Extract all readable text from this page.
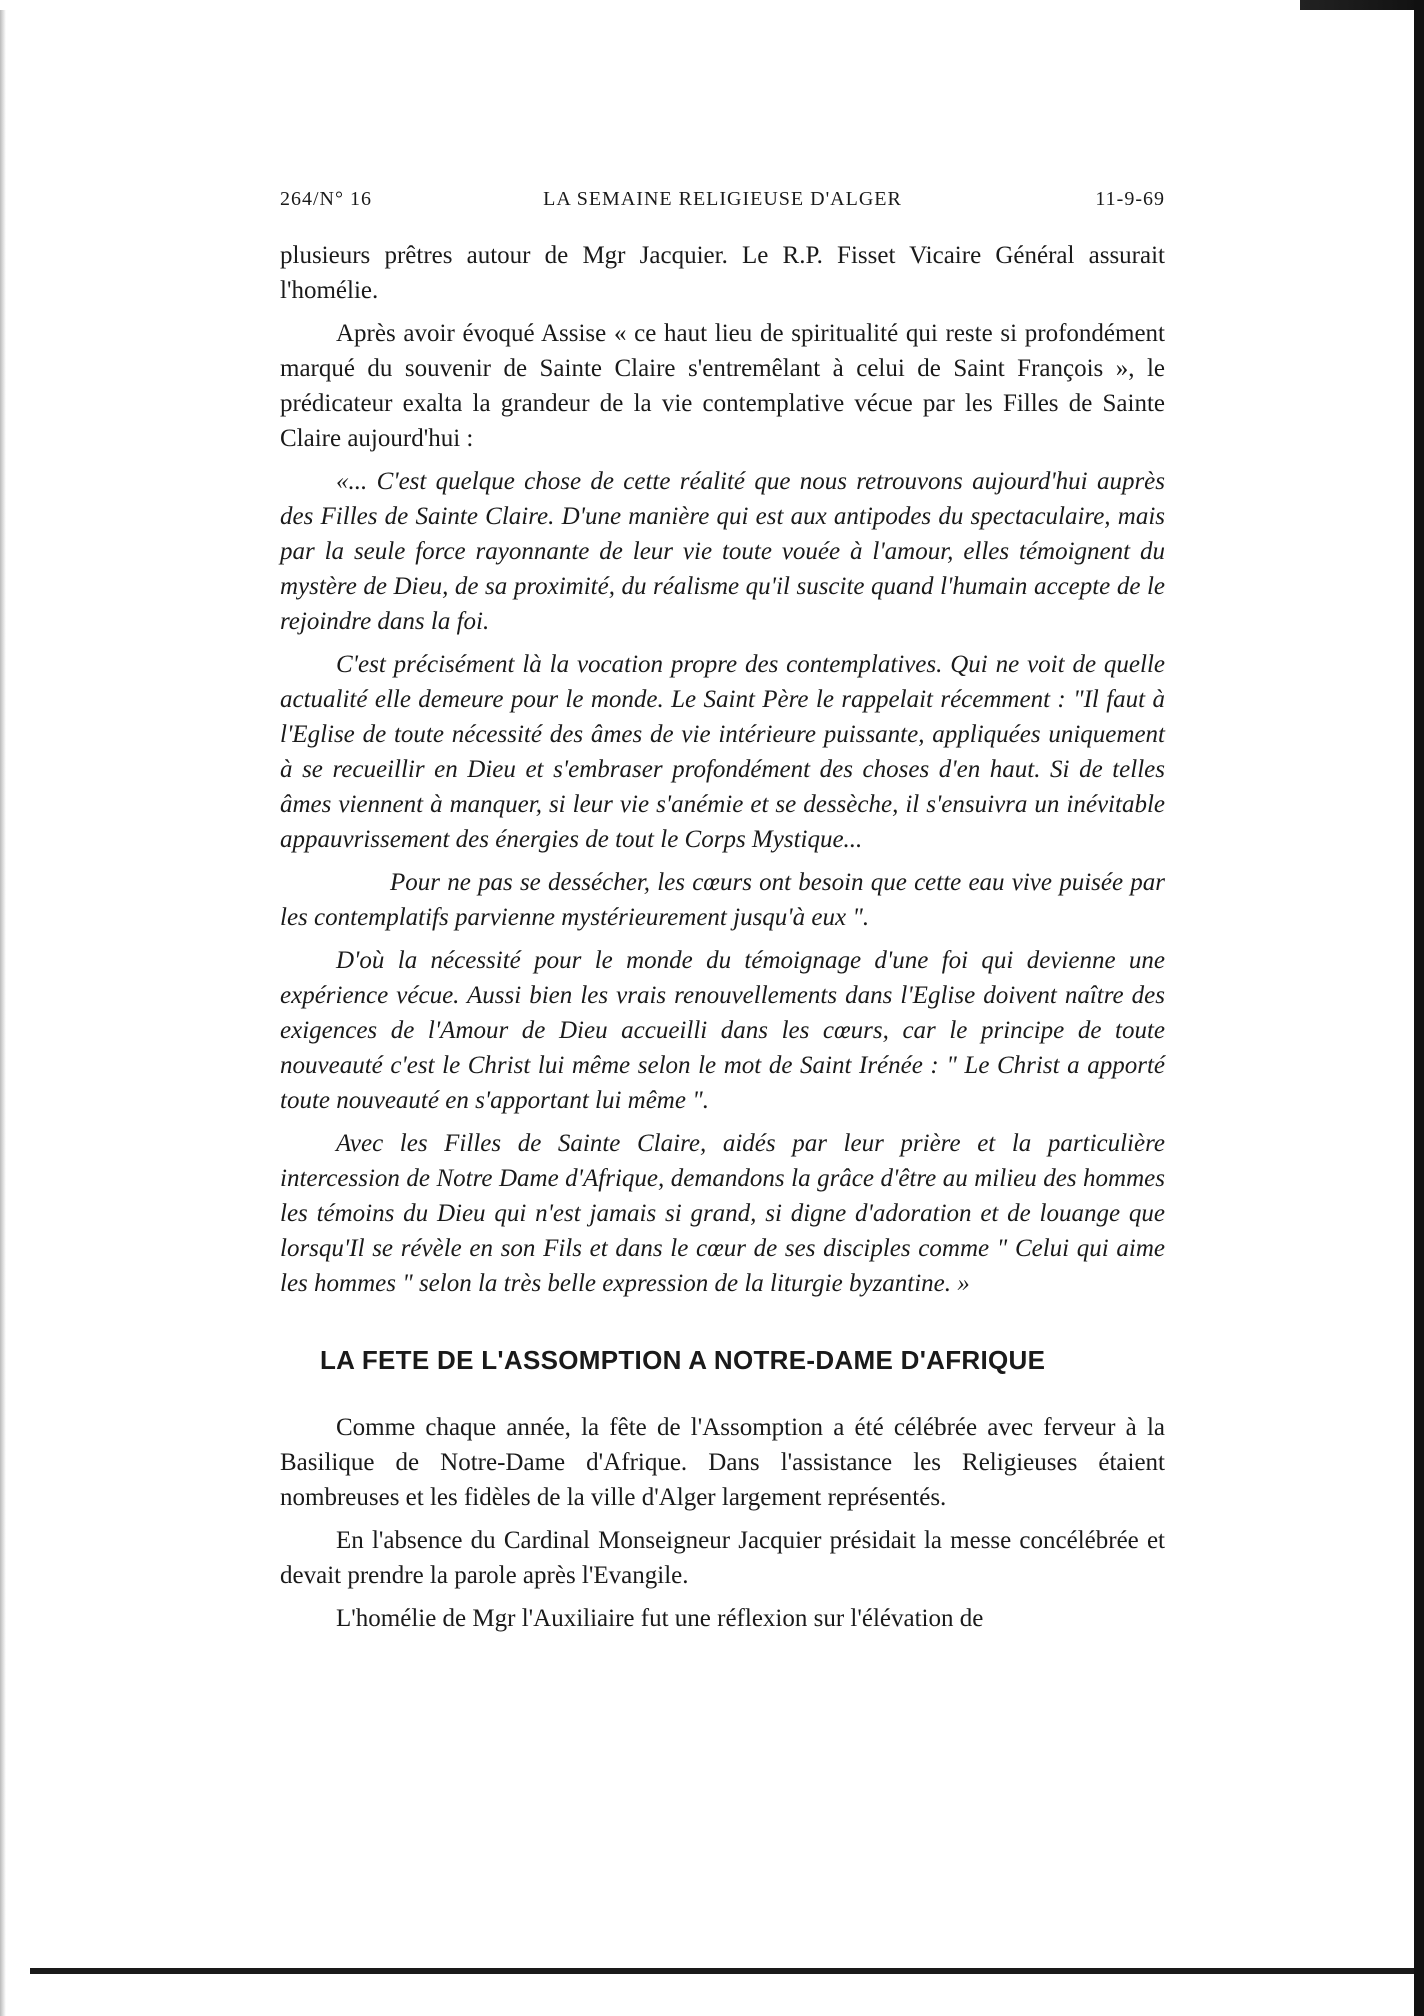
264/N° 16	LA SEMAINE RELIGIEUSE D'ALGER	11-9-69

plusieurs prêtres autour de Mgr Jacquier. Le R.P. Fisset Vicaire Général assurait l'homélie.

Après avoir évoqué Assise « ce haut lieu de spiritualité qui reste si profondément marqué du souvenir de Sainte Claire s'entremêlant à celui de Saint François », le prédicateur exalta la grandeur de la vie contemplative vécue par les Filles de Sainte Claire aujourd'hui :

«... C'est quelque chose de cette réalité que nous retrouvons aujourd'hui auprès des Filles de Sainte Claire. D'une manière qui est aux antipodes du spectaculaire, mais par la seule force rayonnante de leur vie toute vouée à l'amour, elles témoignent du mystère de Dieu, de sa proximité, du réalisme qu'il suscite quand l'humain accepte de le rejoindre dans la foi.

C'est précisément là la vocation propre des contemplatives. Qui ne voit de quelle actualité elle demeure pour le monde. Le Saint Père le rappelait récemment : "Il faut à l'Eglise de toute nécessité des âmes de vie intérieure puissante, appliquées uniquement à se recueillir en Dieu et s'embraser profondément des choses d'en haut. Si de telles âmes viennent à manquer, si leur vie s'anémie et se dessèche, il s'ensuivra un inévitable appauvrissement des énergies de tout le Corps Mystique...

Pour ne pas se dessécher, les cœurs ont besoin que cette eau vive puisée par les contemplatifs parvienne mystérieurement jusqu'à eux ".

D'où la nécessité pour le monde du témoignage d'une foi qui devienne une expérience vécue. Aussi bien les vrais renouvellements dans l'Eglise doivent naître des exigences de l'Amour de Dieu accueilli dans les cœurs, car le principe de toute nouveauté c'est le Christ lui même selon le mot de Saint Irénée : " Le Christ a apporté toute nouveauté en s'apportant lui même ".

Avec les Filles de Sainte Claire, aidés par leur prière et la particulière intercession de Notre Dame d'Afrique, demandons la grâce d'être au milieu des hommes les témoins du Dieu qui n'est jamais si grand, si digne d'adoration et de louange que lorsqu'Il se révèle en son Fils et dans le cœur de ses disciples comme " Celui qui aime les hommes " selon la très belle expression de la liturgie byzantine. »

LA FETE DE L'ASSOMPTION A NOTRE-DAME D'AFRIQUE

Comme chaque année, la fête de l'Assomption a été célébrée avec ferveur à la Basilique de Notre-Dame d'Afrique. Dans l'assistance les Religieuses étaient nombreuses et les fidèles de la ville d'Alger largement représentés.

En l'absence du Cardinal Monseigneur Jacquier présidait la messe concélébrée et devait prendre la parole après l'Evangile.

L'homélie de Mgr l'Auxiliaire fut une réflexion sur l'élévation de
